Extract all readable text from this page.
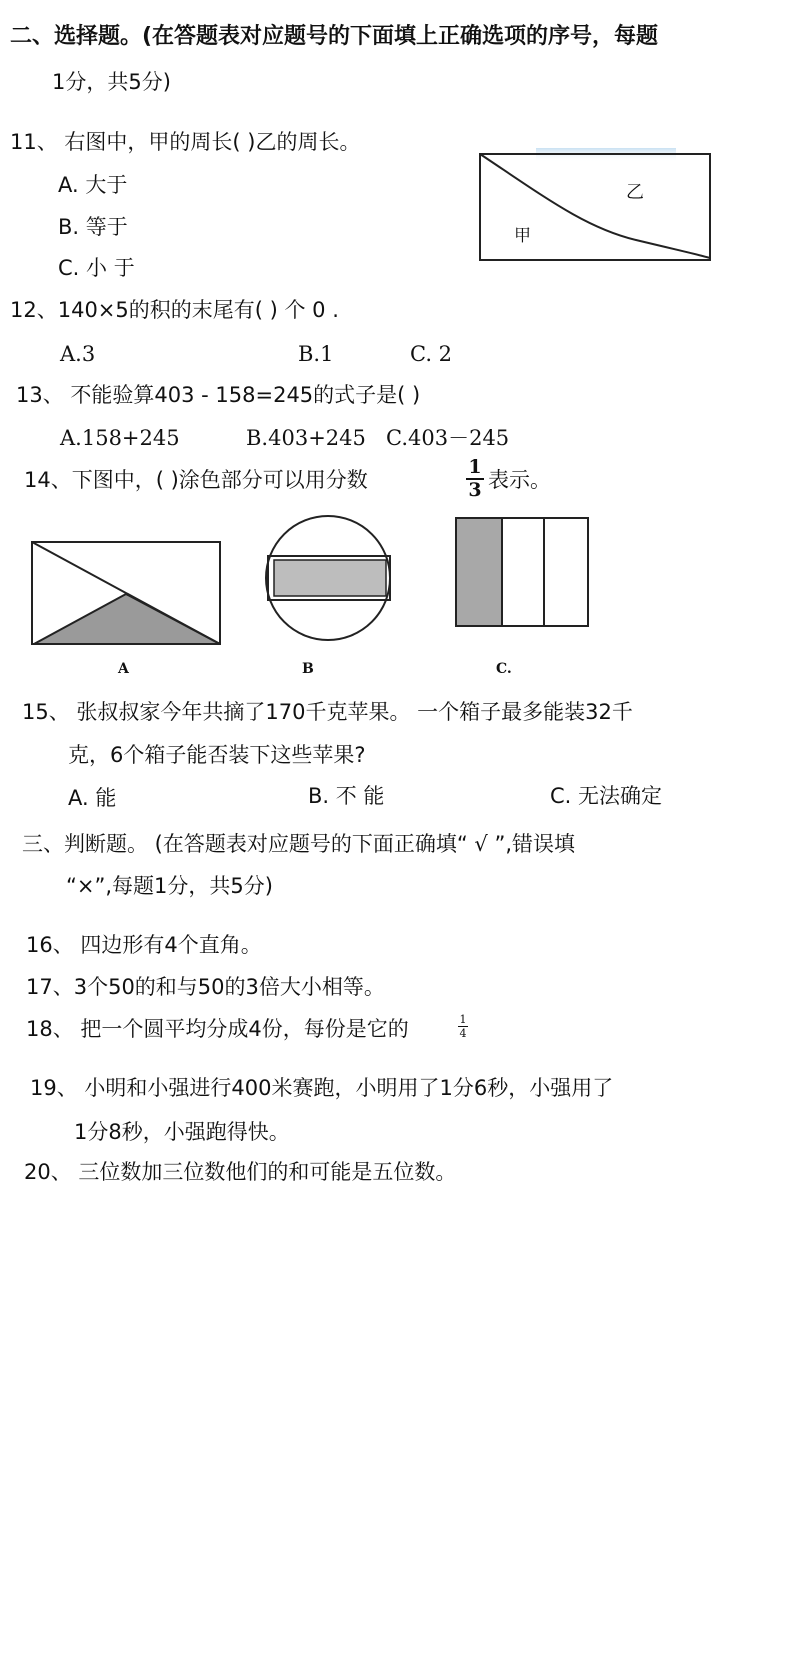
二、选择题。(在答题表对应题号的下面填上正确选项的序号，每题
1分，共5分)
11、 右图中，甲的周长( )乙的周长。
A. 大于
B. 等于
C. 小 于
乙
甲
12、140×5的积的末尾有( ) 个 0 .
A.3	B.1	C. 2
13、 不能验算403 - 158=245的式子是( )
A.158+245	B.403+245 C.403－245
14、下图中，( )涂色部分可以用分数
1
3 表示。
A	B	C.
15、 张叔叔家今年共摘了170千克苹果。 一个箱子最多能装32千
克，6个箱子能否装下这些苹果?
A. 能	B. 不 能	C. 无法确定
三、判断题。 (在答题表对应题号的下面正确填“ √ ”,错误填
“×”,每题1分，共5分)
16、 四边形有4个直角。
17、3个50的和与50的3倍大小相等。
18、 把一个圆平均分成4份，每份是它的	1
4
19、 小明和小强进行400米赛跑，小明用了1分6秒，小强用了
1分8秒，小强跑得快。
20、 三位数加三位数他们的和可能是五位数。
